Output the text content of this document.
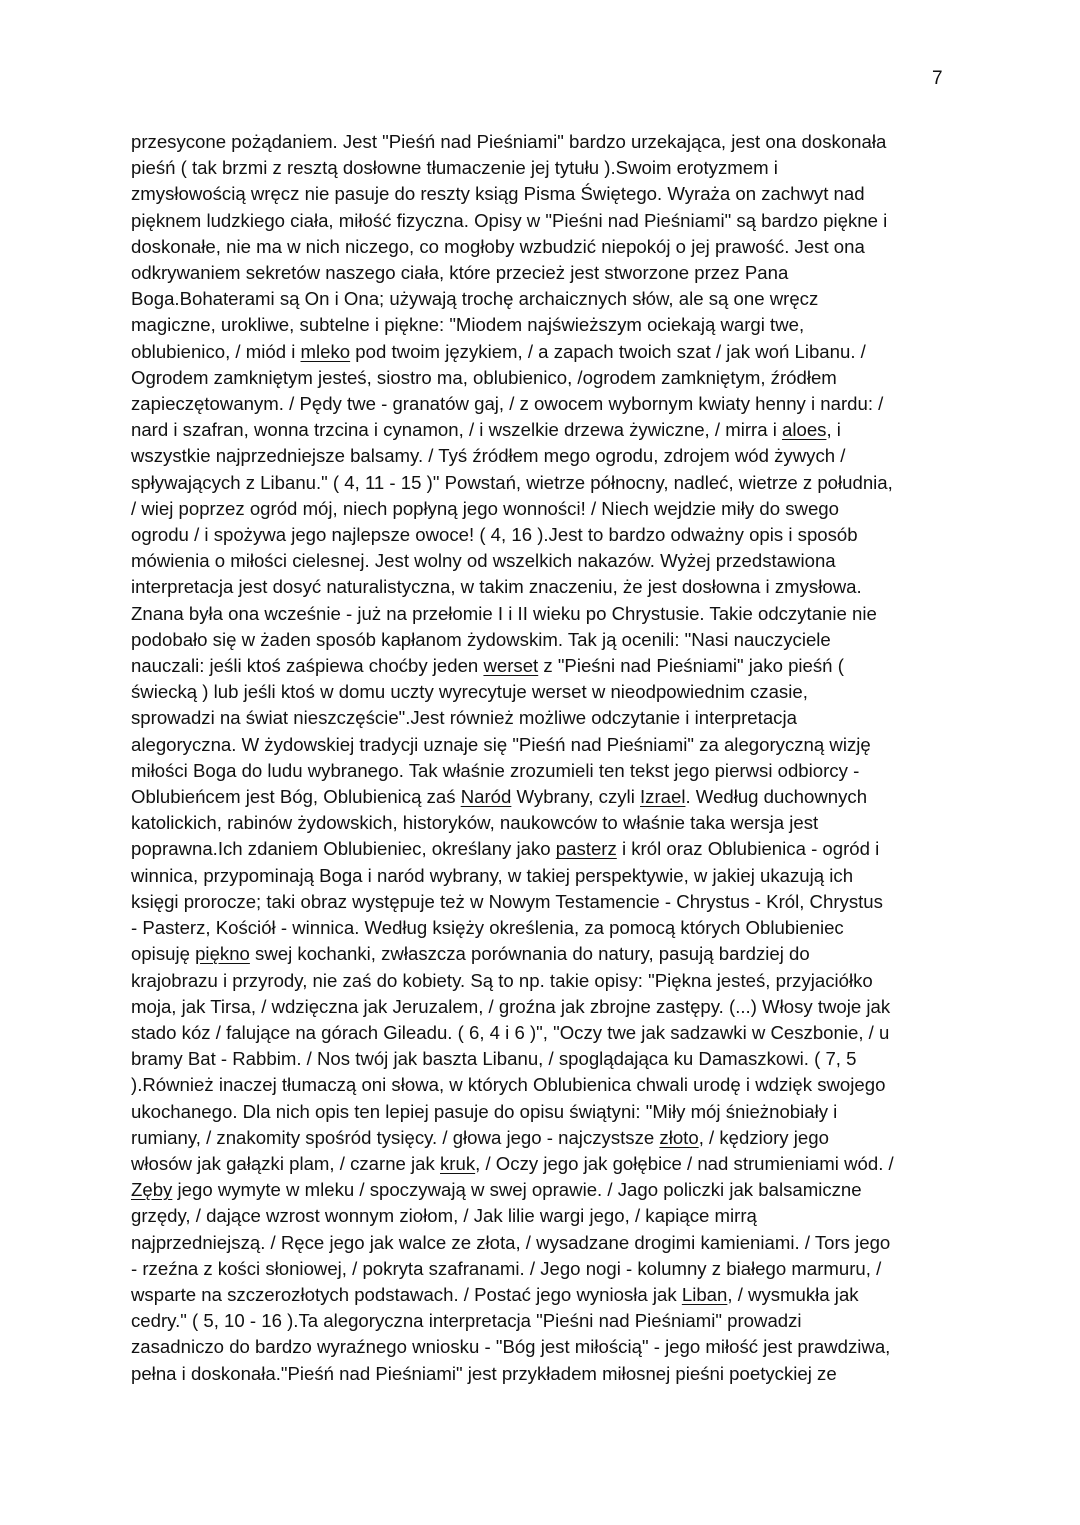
7
przesycone pożądaniem. Jest "Pieśń nad Pieśniami" bardzo urzekająca, jest ona doskonała
pieśń ( tak brzmi z resztą dosłowne tłumaczenie jej tytułu ).Swoim erotyzmem i
zmysłowością wręcz nie pasuje do reszty ksiąg Pisma Świętego. Wyraża on zachwyt nad
pięknem ludzkiego ciała, miłość fizyczna. Opisy w "Pieśni nad Pieśniami" są bardzo piękne i
doskonałe, nie ma w nich niczego, co mogłoby wzbudzić niepokój o jej prawość. Jest ona
odkrywaniem sekretów naszego ciała, które przecież jest stworzone przez Pana
Boga.Bohaterami są On i Ona; używają trochę archaicznych słów, ale są one wręcz
magiczne, urokliwe, subtelne i piękne: "Miodem najświeższym ociekają wargi twe,
oblubienico, / miód i mleko pod twoim językiem, / a zapach twoich szat / jak woń Libanu. /
Ogrodem zamkniętym jesteś, siostro ma, oblubienico, /ogrodem zamkniętym, źródłem
zapieczętowanym. / Pędy twe - granatów gaj, / z owocem wybornym kwiaty henny i nardu: /
nard i szafran, wonna trzcina i cynamon, / i wszelkie drzewa żywiczne, / mirra i aloes, i
wszystkie najprzedniejsze balsamy. / Tyś źródłem mego ogrodu, zdrojem wód żywych /
spływających z Libanu." ( 4, 11 - 15 )" Powstań, wietrze północny, nadleć, wietrze z południa,
/ wiej poprzez ogród mój, niech popłyną jego wonności! / Niech wejdzie miły do swego
ogrodu / i spożywa jego najlepsze owoce! ( 4, 16 ).Jest to bardzo odważny opis i sposób
mówienia o miłości cielesnej. Jest wolny od wszelkich nakazów. Wyżej przedstawiona
interpretacja jest dosyć naturalistyczna, w takim znaczeniu, że jest dosłowna i zmysłowa.
Znana była ona wcześnie - już na przełomie I i II wieku po Chrystusie. Takie odczytanie nie
podobało się w żaden sposób kapłanom żydowskim. Tak ją ocenili: "Nasi nauczyciele
nauczali: jeśli ktoś zaśpiewa choćby jeden werset z "Pieśni nad Pieśniami" jako pieśń (
świecką ) lub jeśli ktoś w domu uczty wyrecytuje werset w nieodpowiednim czasie,
sprowadzi na świat nieszczęście".Jest również możliwe odczytanie i interpretacja
alegoryczna. W żydowskiej tradycji uznaje się "Pieśń nad Pieśniami" za alegoryczną wizję
miłości Boga do ludu wybranego. Tak właśnie zrozumieli ten tekst jego pierwsi odbiorcy -
Oblubieńcem jest Bóg, Oblubienicą zaś Naród Wybrany, czyli Izrael. Według duchownych
katolickich, rabinów żydowskich, historyków, naukowców to właśnie taka wersja jest
poprawna.Ich zdaniem Oblubieniec, określany jako pasterz i król oraz Oblubienica - ogród i
winnica, przypominają Boga i naród wybrany, w takiej perspektywie, w jakiej ukazują ich
księgi prorocze; taki obraz występuje też w Nowym Testamencie - Chrystus - Król, Chrystus
- Pasterz, Kościół - winnica. Według księży określenia, za pomocą których Oblubieniec
opisuję piękno swej kochanki, zwłaszcza porównania do natury, pasują bardziej do
krajobrazu i przyrody, nie zaś do kobiety. Są to np. takie opisy: "Piękna jesteś, przyjaciółko
moja, jak Tirsa, / wdzięczna jak Jeruzalem, / groźna jak zbrojne zastępy. (...) Włosy twoje jak
stado kóz / falujące na górach Gileadu. ( 6, 4 i 6 )", "Oczy twe jak sadzawki w Ceszbonie, / u
bramy Bat - Rabbim. / Nos twój jak baszta Libanu, / spoglądająca ku Damaszkowi. ( 7, 5
).Również inaczej tłumaczą oni słowa, w których Oblubienica chwali urodę i wdzięk swojego
ukochanego. Dla nich opis ten lepiej pasuje do opisu świątyni: "Miły mój śnieżnobiały i
rumiany, / znakomity spośród tysięcy. / głowa jego - najczystsze złoto, / kędziory jego
włosów jak gałązki plam, / czarne jak kruk, / Oczy jego jak gołębice / nad strumieniami wód. /
Zęby jego wymyte w mleku / spoczywają w swej oprawie. / Jago policzki jak balsamiczne
grzędy, / dające wzrost wonnym ziołom, / Jak lilie wargi jego, / kapiące mirrą
najprzedniejszą. / Ręce jego jak walce ze złota, / wysadzane drogimi kamieniami. / Tors jego
- rzeźna z kości słoniowej, / pokryta szafranami. / Jego nogi - kolumny z białego marmuru, /
wsparte na szczerozłotych podstawach. / Postać jego wyniosła jak Liban, / wysmukła jak
cedry." ( 5, 10 - 16 ).Ta alegoryczna interpretacja "Pieśni nad Pieśniami" prowadzi
zasadniczo do bardzo wyraźnego wniosku - "Bóg jest miłością" - jego miłość jest prawdziwa,
pełna i doskonała."Pieśń nad Pieśniami" jest przykładem miłosnej pieśni poetyckiej ze
